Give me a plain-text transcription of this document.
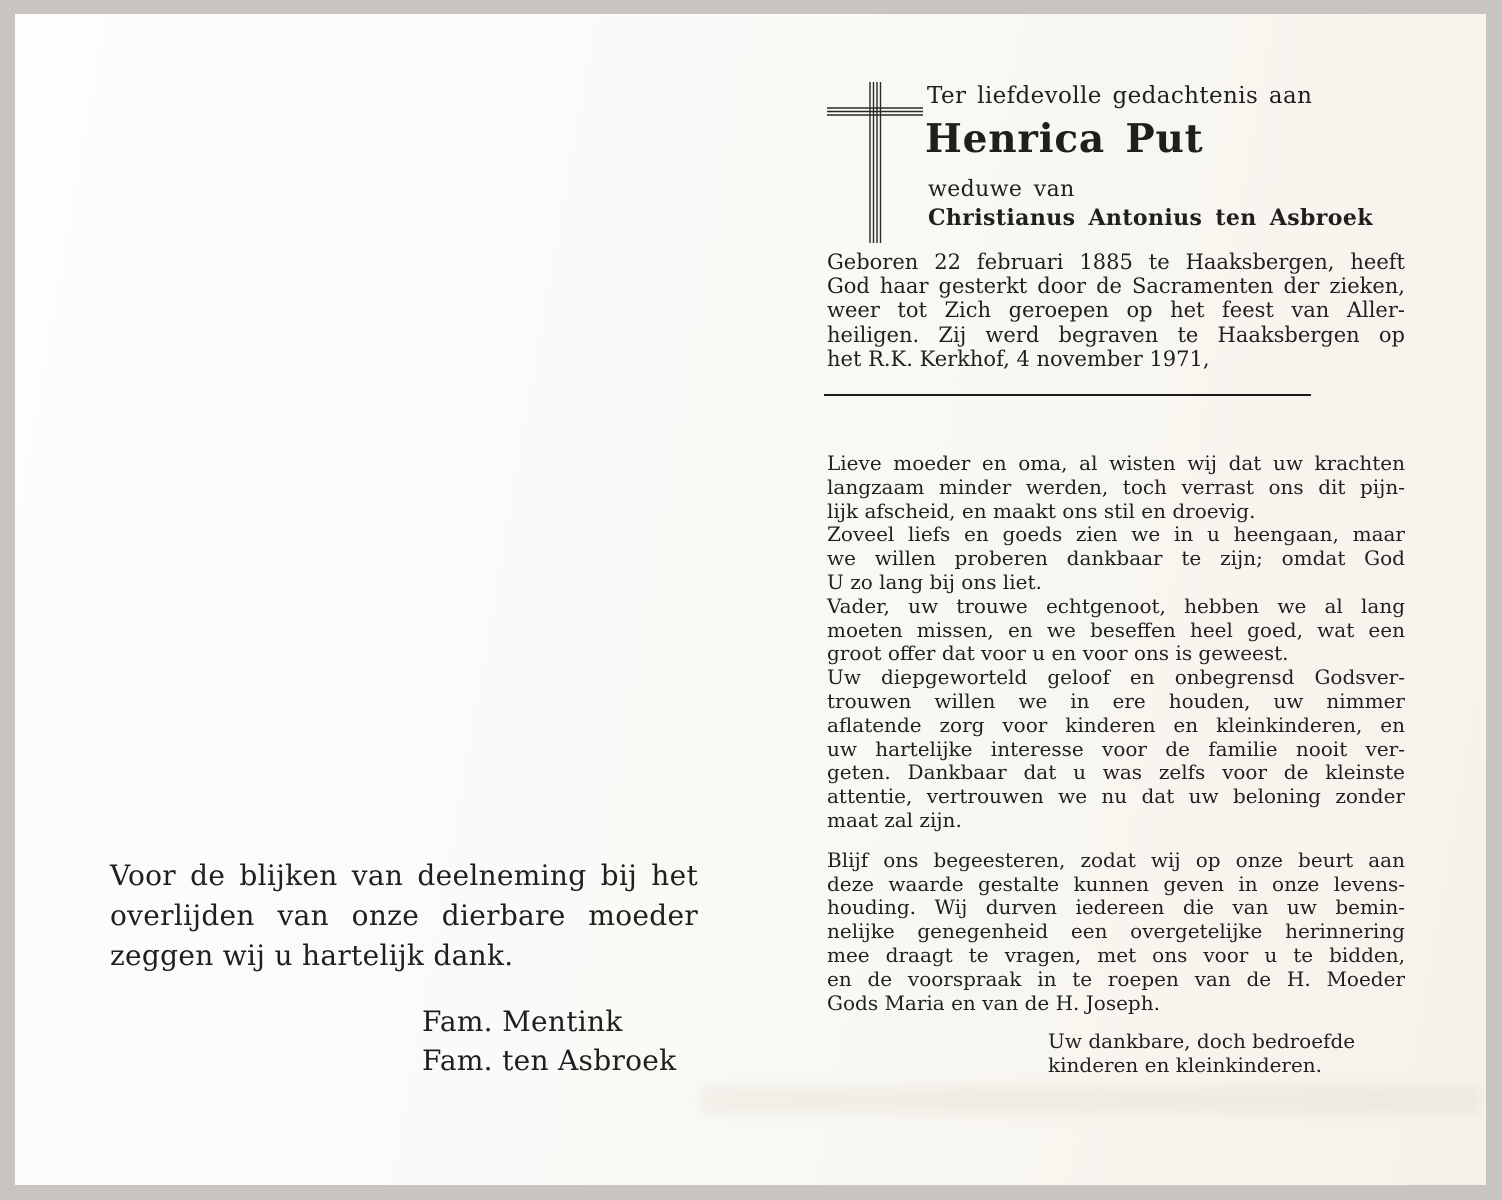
Voor de blijken van deelneming bij het
overlijden van onze dierbare moeder
zeggen wij u hartelijk dank.
Fam. Mentink
Fam. ten Asbroek
Ter liefdevolle gedachtenis aan
Henrica Put
weduwe van
Christianus Antonius ten Asbroek
Geboren 22 februari 1885 te Haaksbergen, heeft
God haar gesterkt door de Sacramenten der zieken,
weer tot Zich geroepen op het feest van Aller-
heiligen. Zij werd begraven te Haaksbergen op
het R.K. Kerkhof, 4 november 1971,
Lieve moeder en oma, al wisten wij dat uw krachten
langzaam minder werden, toch verrast ons dit pijn-
lijk afscheid, en maakt ons stil en droevig.
Zoveel liefs en goeds zien we in u heengaan, maar
we willen proberen dankbaar te zijn; omdat God
U zo lang bij ons liet.
Vader, uw trouwe echtgenoot, hebben we al lang
moeten missen, en we beseffen heel goed, wat een
groot offer dat voor u en voor ons is geweest.
Uw diepgeworteld geloof en onbegrensd Godsver-
trouwen willen we in ere houden, uw nimmer
aflatende zorg voor kinderen en kleinkinderen, en
uw hartelijke interesse voor de familie nooit ver-
geten. Dankbaar dat u was zelfs voor de kleinste
attentie, vertrouwen we nu dat uw beloning zonder
maat zal zijn.
Blijf ons begeesteren, zodat wij op onze beurt aan
deze waarde gestalte kunnen geven in onze levens-
houding. Wij durven iedereen die van uw bemin-
nelijke genegenheid een overgetelijke herinnering
mee draagt te vragen, met ons voor u te bidden,
en de voorspraak in te roepen van de H. Moeder
Gods Maria en van de H. Joseph.
Uw dankbare, doch bedroefde
kinderen en kleinkinderen.
